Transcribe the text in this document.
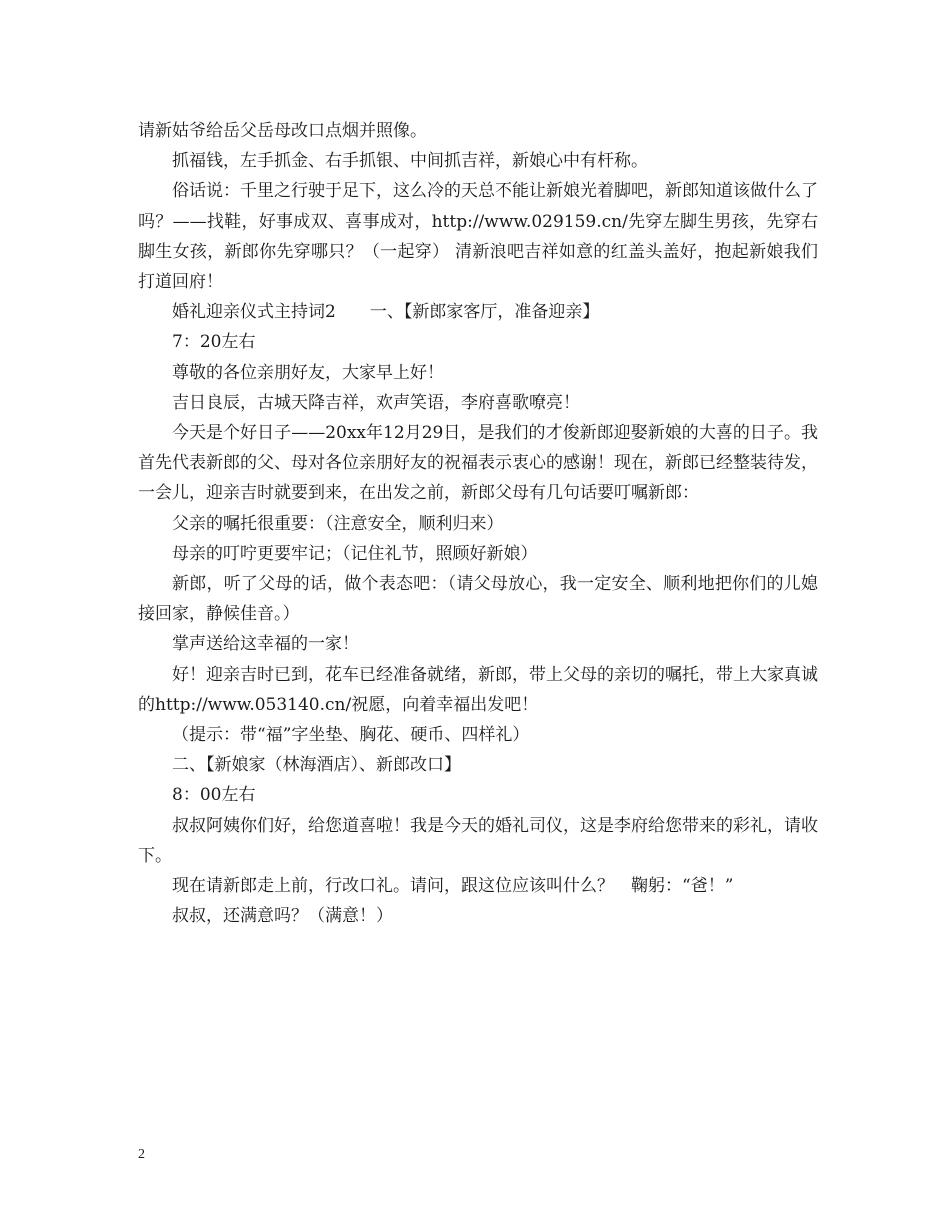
请新姑爷给岳父岳母改口点烟并照像。

抓福钱，左手抓金、右手抓银、中间抓吉祥，新娘心中有杆称。

俗话说：千里之行驶于足下，这么冷的天总不能让新娘光着脚吧，新郎知道该做什么了吗？——找鞋，好事成双、喜事成对，http://www.029159.cn/先穿左脚生男孩，先穿右脚生女孩，新郎你先穿哪只？（一起穿） 清新浪吧吉祥如意的红盖头盖好，抱起新娘我们打道回府！

婚礼迎亲仪式主持词2　　一、【新郎家客厅，准备迎亲】

7：20左右

尊敬的各位亲朋好友，大家早上好！

吉日良辰，古城天降吉祥，欢声笑语，李府喜歌嘹亮！

今天是个好日子——20xx年12月29日，是我们的才俊新郎迎娶新娘的大喜的日子。我首先代表新郎的父、母对各位亲朋好友的祝福表示衷心的感谢！现在，新郎已经整装待发，一会儿，迎亲吉时就要到来，在出发之前，新郎父母有几句话要叮嘱新郎：

父亲的嘱托很重要：（注意安全，顺利归来）

母亲的叮咛更要牢记；（记住礼节，照顾好新娘）

新郎，听了父母的话，做个表态吧：（请父母放心，我一定安全、顺利地把你们的儿媳接回家，静候佳音。）

掌声送给这幸福的一家！

好！迎亲吉时已到，花车已经准备就绪，新郎，带上父母的亲切的嘱托，带上大家真诚的http://www.053140.cn/祝愿，向着幸福出发吧！

（提示：带“福”字坐垫、胸花、硬币、四样礼）

二、【新娘家（林海酒店）、新郎改口】

8：00左右

叔叔阿姨你们好，给您道喜啦！我是今天的婚礼司仪，这是李府给您带来的彩礼，请收下。

现在请新郎走上前，行改口礼。请问，跟这位应该叫什么？　鞠躬：“爸！”

叔叔，还满意吗？（满意！）

2
